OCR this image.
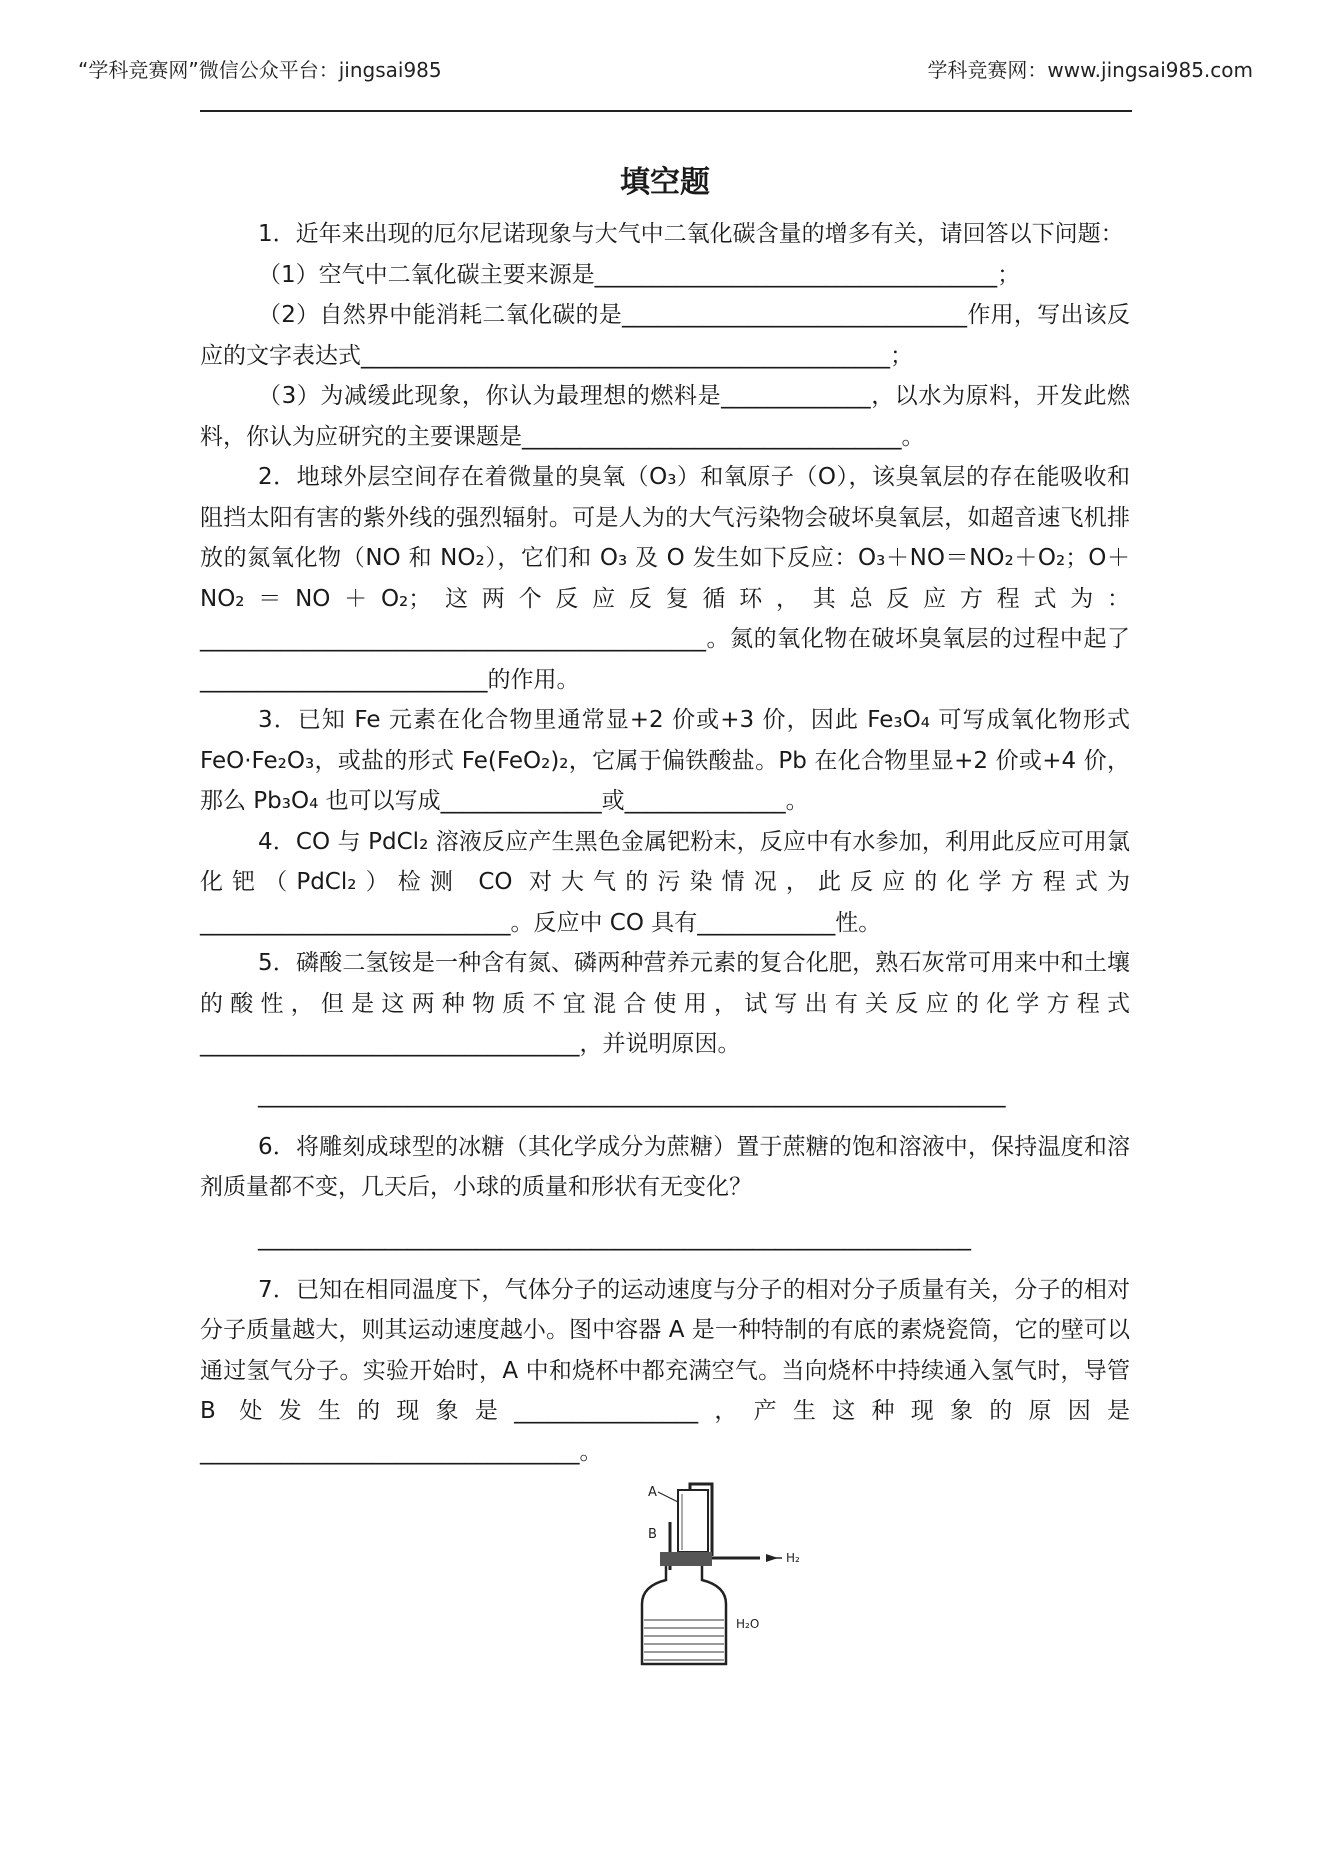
“学科竞赛网”微信公众平台：jingsai985	学科竞赛网：www.jingsai985.com
填空题

1．近年来出现的厄尔尼诺现象与大气中二氧化碳含量的增多有关，请回答以下问题：

（1）空气中二氧化碳主要来源是___________________________________；

（2）自然界中能消耗二氧化碳的是______________________________作用，写出该反应的文字表达式______________________________________________；

（3）为减缓此现象，你认为最理想的燃料是_____________，以水为原料，开发此燃料，你认为应研究的主要课题是_________________________________。

2．地球外层空间存在着微量的臭氧（O₃）和氧原子（O），该臭氧层的存在能吸收和阻挡太阳有害的紫外线的强烈辐射。可是人为的大气污染物会破坏臭氧层，如超音速飞机排放的氮氧化物（NO 和 NO₂），它们和 O₃ 及 O 发生如下反应：O₃＋NO＝NO₂＋O₂；O＋NO₂＝NO＋O₂；这两个反应反复循环，其总反应方程式为：____________________________________________。氮的氧化物在破坏臭氧层的过程中起了_________________________的作用。

3．已知 Fe 元素在化合物里通常显+2 价或+3 价，因此 Fe₃O₄ 可写成氧化物形式 FeO·Fe₂O₃，或盐的形式 Fe(FeO₂)₂，它属于偏铁酸盐。Pb 在化合物里显+2 价或+4 价，那么 Pb₃O₄ 也可以写成______________或______________。

4．CO 与 PdCl₂ 溶液反应产生黑色金属钯粉末，反应中有水参加，利用此反应可用氯化钯（PdCl₂）检测 CO 对大气的污染情况，此反应的化学方程式为___________________________。反应中 CO 具有____________性。

5．磷酸二氢铵是一种含有氮、磷两种营养元素的复合化肥，熟石灰常可用来中和土壤的酸性，但是这两种物质不宜混合使用，试写出有关反应的化学方程式_________________________________，并说明原因。

_________________________________________________________________

6．将雕刻成球型的冰糖（其化学成分为蔗糖）置于蔗糖的饱和溶液中，保持温度和溶剂质量都不变，几天后，小球的质量和形状有无变化？

______________________________________________________________

7．已知在相同温度下，气体分子的运动速度与分子的相对分子质量有关，分子的相对分子质量越大，则其运动速度越小。图中容器 A 是一种特制的有底的素烧瓷筒，它的壁可以通过氢气分子。实验开始时，A 中和烧杯中都充满空气。当向烧杯中持续通入氢气时，导管 B 处发生的现象是________________，产生这种现象的原因是_________________________________。

A
B
H₂
H₂O
